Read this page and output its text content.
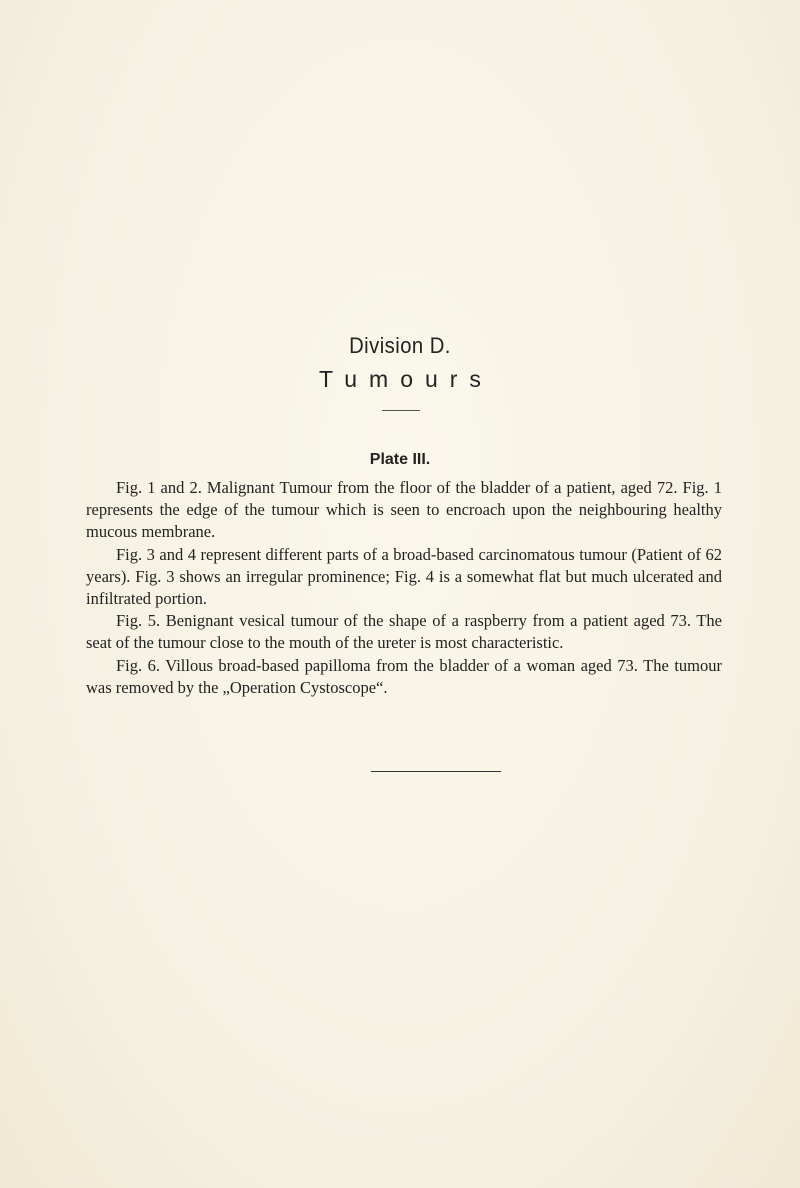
Division D.
Tumours
Plate III.

Fig. 1 and 2. Malignant Tumour from the floor of the bladder of a patient, aged 72. Fig. 1 represents the edge of the tumour which is seen to encroach upon the neighbouring healthy mucous membrane.

Fig. 3 and 4 represent different parts of a broad-based carcinomatous tumour (Patient of 62 years). Fig. 3 shows an irregular prominence; Fig. 4 is a somewhat flat but much ulcerated and infiltrated portion.

Fig. 5. Benignant vesical tumour of the shape of a raspberry from a patient aged 73. The seat of the tumour close to the mouth of the ureter is most characteristic.

Fig. 6. Villous broad-based papilloma from the bladder of a woman aged 73. The tumour was removed by the „Operation Cystoscope“.
